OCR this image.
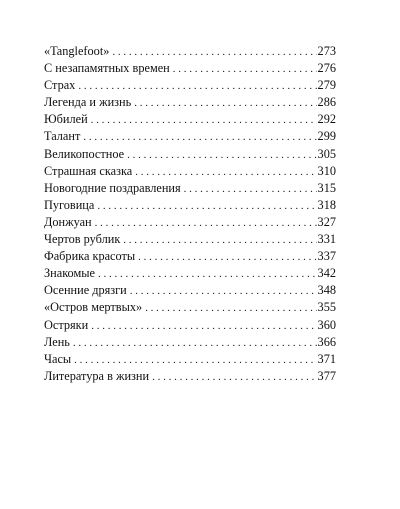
«Tanglefoot» . . .	273
С незапамятных времен . . .	276
Страх . . .	279
Легенда и жизнь . . .	286
Юбилей . . .	292
Талант . . .	299
Великопостное . . .	305
Страшная сказка . . .	310
Новогодние поздравления . . .	315
Пуговица . . .	318
Донжуан . . .	327
Чертов рублик . . .	331
Фабрика красоты . . .	337
Знакомые . . .	342
Осенние дрязги . . .	348
«Остров мертвых» . . .	355
Остряки . . .	360
Лень . . .	366
Часы . . .	371
Литература в жизни . . .	377
